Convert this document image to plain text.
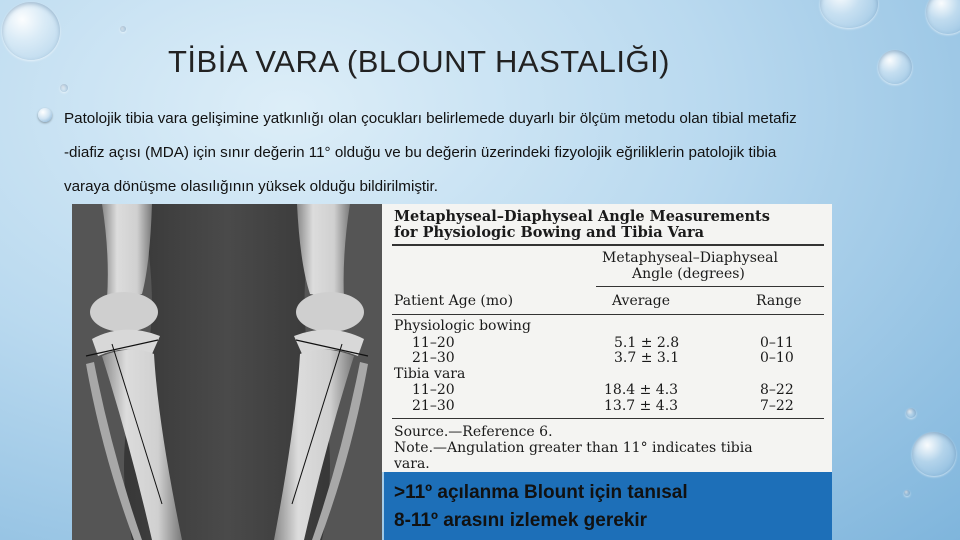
TİBİA VARA (BLOUNT HASTALIĞI)
Patolojik tibia vara gelişimine yatkınlığı olan çocukları belirlemede duyarlı bir ölçüm metodu olan tibial metafiz
-diafiz açısı (MDA) için sınır değerin 11° olduğu ve bu değerin üzerindeki fizyolojik eğriliklerin patolojik tibia
varaya dönüşme olasılığının yüksek olduğu bildirilmiştir.
Metaphyseal–Diaphyseal Angle Measurements
for Physiologic Bowing and Tibia Vara
Metaphyseal–Diaphyseal
Angle (degrees)
Patient Age (mo)	Average	Range
Physiologic bowing
11–20	5.1 ± 2.8	0–11
21–30	3.7 ± 3.1	0–10
Tibia vara
11–20	18.4 ± 4.3	8–22
21–30	13.7 ± 4.3	7–22
Source.—Reference 6.
Note.—Angulation greater than 11° indicates tibia
vara.
>11º açılanma Blount için tanısal
8-11º arasını izlemek gerekir
